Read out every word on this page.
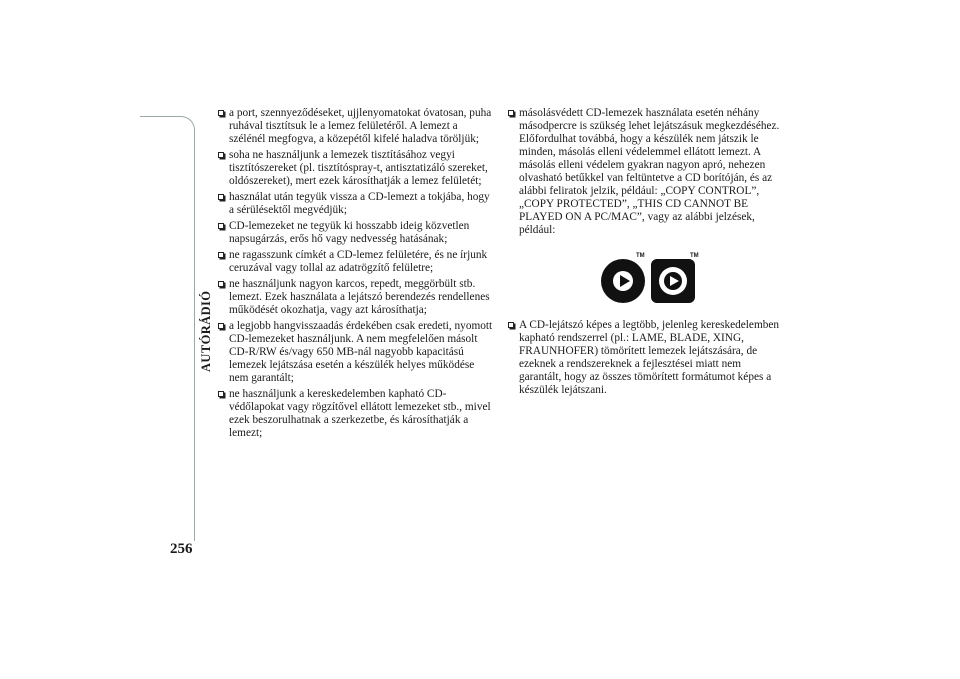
AUTÓRÁDIÓ
256
a port, szennyeződéseket, ujjlenyomatokat óvatosan, puha ruhával tisztítsuk le a lemez felületéről. A lemezt a szélénél megfogva, a közepétől kifelé haladva töröljük;
soha ne használjunk a lemezek tisztításához vegyi tisztítószereket (pl. tisztítóspray-t, antisztatizáló szereket, oldószereket), mert ezek károsíthatják a lemez felületét;
használat után tegyük vissza a CD-lemezt a tokjába, hogy a sérülésektől megvédjük;
CD-lemezeket ne tegyük ki hosszabb ideig közvetlen napsugárzás, erős hő vagy nedvesség hatásának;
ne ragasszunk címkét a CD-lemez felületére, és ne írjunk ceruzával vagy tollal az adatrögzítő felületre;
ne használjunk nagyon karcos, repedt, meggörbült stb. lemezt. Ezek használata a lejátszó berendezés rendellenes működését okozhatja, vagy azt károsíthatja;
a legjobb hangvisszaadás érdekében csak eredeti, nyomott CD-lemezeket használjunk. A nem megfelelően másolt CD-R/RW és/vagy 650 MB-nál nagyobb kapacitású lemezek lejátszása esetén a készülék helyes működése nem garantált;
ne használjunk a kereskedelemben kapható CD-védőlapokat vagy rögzítővel ellátott lemezeket stb., mivel ezek beszorulhatnak a szerkezetbe, és károsíthatják a lemezt;
másolásvédett CD-lemezek használata esetén néhány másodpercre is szükség lehet lejátszásuk megkezdéséhez. Előfordulhat továbbá, hogy a készülék nem játszik le minden, másolás elleni védelemmel ellátott lemezt. A másolás elleni védelem gyakran nagyon apró, nehezen olvasható betűkkel van feltüntetve a CD borítóján, és az alábbi feliratok jelzik, például: „COPY CONTROL”, „COPY PROTECTED”, „THIS CD CANNOT BE PLAYED ON A PC/MAC”, vagy az alábbi jelzések, például:
TM	TM
A CD-lejátszó képes a legtöbb, jelenleg kereskedelemben kapható rendszerrel (pl.: LAME, BLADE, XING, FRAUNHOFER) tömörített lemezek lejátszására, de ezeknek a rendszereknek a fejlesztései miatt nem garantált, hogy az összes tömörített formátumot képes a készülék lejátszani.
